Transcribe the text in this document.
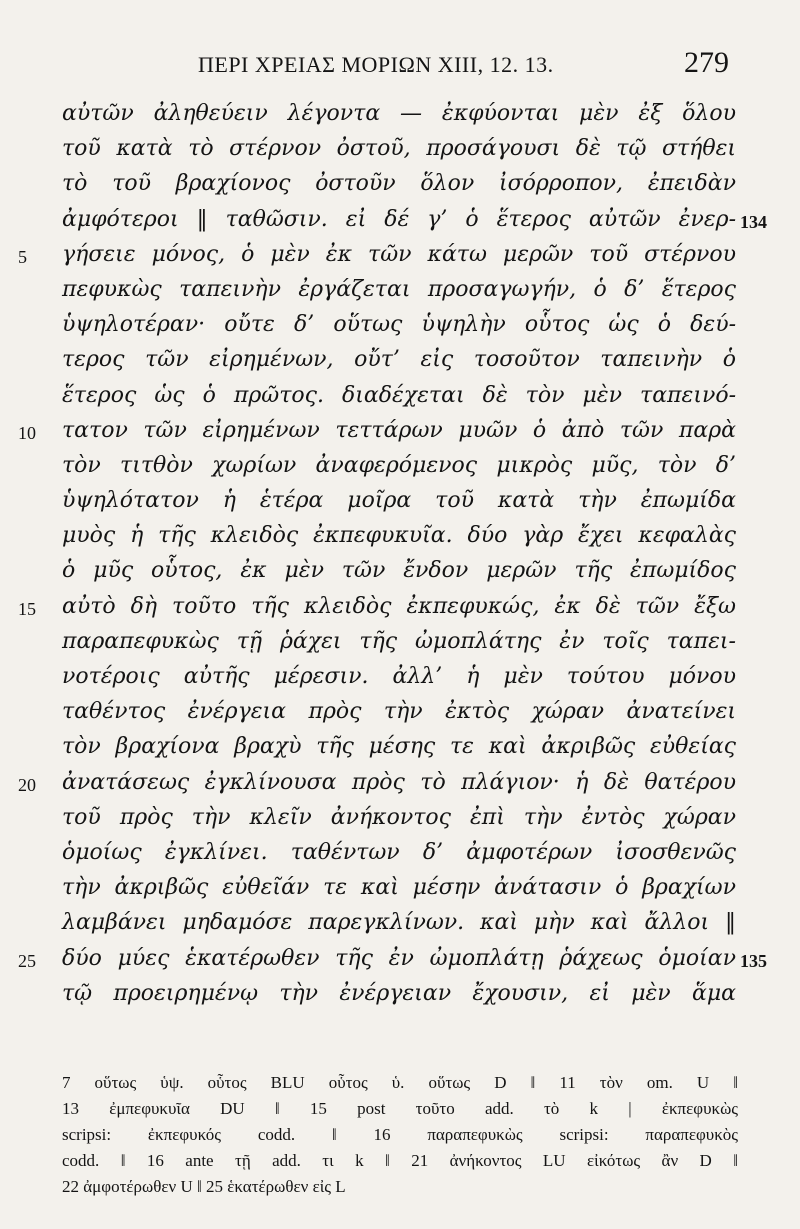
ΠΕΡΙ ΧΡΕΙΑΣ ΜΟΡΙΩΝ XIII, 12. 13.	279
αὐτῶν ἀληθεύειν λέγοντα — ἐκφύονται μὲν ἐξ ὅλου
τοῦ κατὰ τὸ στέρνον ὀστοῦ, προσάγουσι δὲ τῷ στήθει
τὸ τοῦ βραχίονος ὀστοῦν ὅλον ἰσόρροπον, ἐπειδὰν
ἀμφότεροι ‖ ταθῶσιν. εἰ δέ γ’ ὁ ἕτερος αὐτῶν ἐνερ- 134
5 γήσειε μόνος, ὁ μὲν ἐκ τῶν κάτω μερῶν τοῦ στέρνου
πεφυκὼς ταπεινὴν ἐργάζεται προσαγωγήν, ὁ δ’ ἕτερος
ὑψηλοτέραν· οὔτε δ’ οὕτως ὑψηλὴν οὗτος ὡς ὁ δεύ-
τερος τῶν εἰρημένων, οὔτ’ εἰς τοσοῦτον ταπεινὴν ὁ
ἕτερος ὡς ὁ πρῶτος. διαδέχεται δὲ τὸν μὲν ταπεινό-
10 τατον τῶν εἰρημένων τεττάρων μυῶν ὁ ἀπὸ τῶν παρὰ
τὸν τιτθὸν χωρίων ἀναφερόμενος μικρὸς μῦς, τὸν δ’
ὑψηλότατον ἡ ἑτέρα μοῖρα τοῦ κατὰ τὴν ἐπωμίδα
μυὸς ἡ τῆς κλειδὸς ἐκπεφυκυῖα. δύο γὰρ ἔχει κεφαλὰς
ὁ μῦς οὗτος, ἐκ μὲν τῶν ἔνδον μερῶν τῆς ἐπωμίδος
15 αὐτὸ δὴ τοῦτο τῆς κλειδὸς ἐκπεφυκώς, ἐκ δὲ τῶν ἔξω
παραπεφυκὼς τῇ ῥάχει τῆς ὠμοπλάτης ἐν τοῖς ταπει-
νοτέροις αὐτῆς μέρεσιν. ἀλλ’ ἡ μὲν τούτου μόνου
ταθέντος ἐνέργεια πρὸς τὴν ἐκτὸς χώραν ἀνατείνει
τὸν βραχίονα βραχὺ τῆς μέσης τε καὶ ἀκριβῶς εὐθείας
20 ἀνατάσεως ἐγκλίνουσα πρὸς τὸ πλάγιον· ἡ δὲ θατέρου
τοῦ πρὸς τὴν κλεῖν ἀνήκοντος ἐπὶ τὴν ἐντὸς χώραν
ὁμοίως ἐγκλίνει. ταθέντων δ’ ἀμφοτέρων ἰσοσθενῶς
τὴν ἀκριβῶς εὐθεῖάν τε καὶ μέσην ἀνάτασιν ὁ βραχίων
λαμβάνει μηδαμόσε παρεγκλίνων. καὶ μὴν καὶ ἄλλοι ‖
25 δύο μύες ἑκατέρωθεν τῆς ἐν ὠμοπλάτῃ ῥάχεως ὁμοίαν 135
τῷ προειρημένῳ τὴν ἐνέργειαν ἔχουσιν, εἰ μὲν ἅμα
7 οὕτως ὑψ. οὗτος BLU οὗτος ὑ. οὕτως D ‖ 11 τὸν om. U ‖
13 ἐμπεφυκυῖα DU ‖ 15 post τοῦτο add. τὸ k | ἐκπεφυκὼς
scripsi: ἐκπεφυκός codd. ‖ 16 παραπεφυκὼς scripsi: παραπεφυκὸς
codd. ‖ 16 ante τῇ add. τι k ‖ 21 ἀνήκοντος LU εἰκότως ἂν D ‖
22 ἀμφοτέρωθεν U ‖ 25 ἑκατέρωθεν εἰς L
